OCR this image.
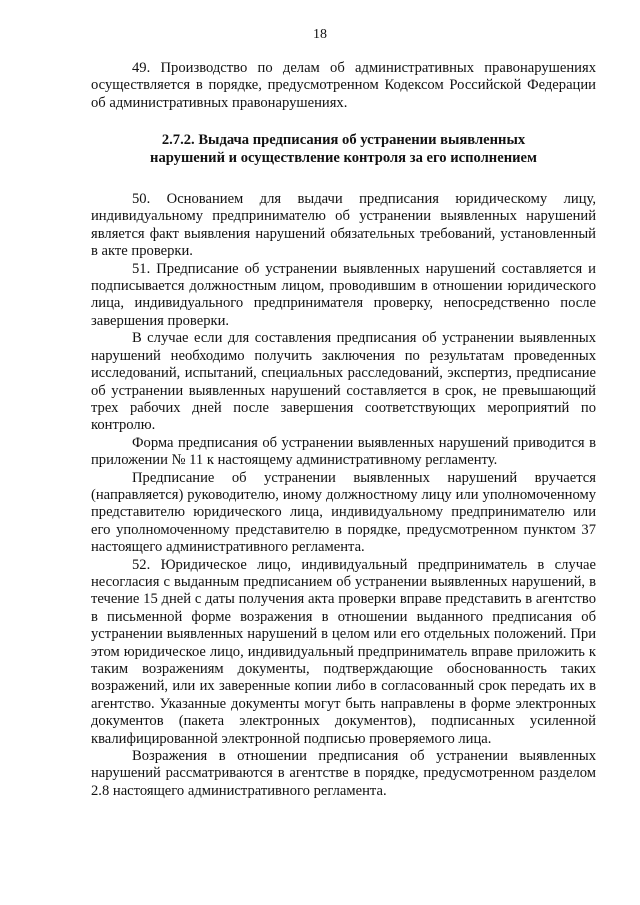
18

49. Производство по делам об административных правонарушениях осуществляется в порядке, предусмотренном Кодексом Российской Федерации об административных правонарушениях.

2.7.2. Выдача предписания об устранении выявленных
нарушений и осуществление контроля за его исполнением

50. Основанием для выдачи предписания юридическому лицу, индивидуальному предпринимателю об устранении выявленных нарушений является факт выявления нарушений обязательных требований, установленный в акте проверки.

51. Предписание об устранении выявленных нарушений составляется и подписывается должностным лицом, проводившим в отношении юридического лица, индивидуального предпринимателя проверку, непосредственно после завершения проверки.

В случае если для составления предписания об устранении выявленных нарушений необходимо получить заключения по результатам проведенных исследований, испытаний, специальных расследований, экспертиз, предписание об устранении выявленных нарушений составляется в срок, не превышающий трех рабочих дней после завершения соответствующих мероприятий по контролю.

Форма предписания об устранении выявленных нарушений приводится в приложении № 11 к настоящему административному регламенту.

Предписание об устранении выявленных нарушений вручается (направляется) руководителю, иному должностному лицу или уполномоченному представителю юридического лица, индивидуальному предпринимателю или его уполномоченному представителю в порядке, предусмотренном пунктом 37 настоящего административного регламента.

52. Юридическое лицо, индивидуальный предприниматель в случае несогласия с выданным предписанием об устранении выявленных нарушений, в течение 15 дней с даты получения акта проверки вправе представить в агентство в письменной форме возражения в отношении выданного предписания об устранении выявленных нарушений в целом или его отдельных положений. При этом юридическое лицо, индивидуальный предприниматель вправе приложить к таким возражениям документы, подтверждающие обоснованность таких возражений, или их заверенные копии либо в согласованный срок передать их в агентство. Указанные документы могут быть направлены в форме электронных документов (пакета электронных документов), подписанных усиленной квалифицированной электронной подписью проверяемого лица.

Возражения в отношении предписания об устранении выявленных нарушений рассматриваются в агентстве в порядке, предусмотренном разделом 2.8 настоящего административного регламента.
